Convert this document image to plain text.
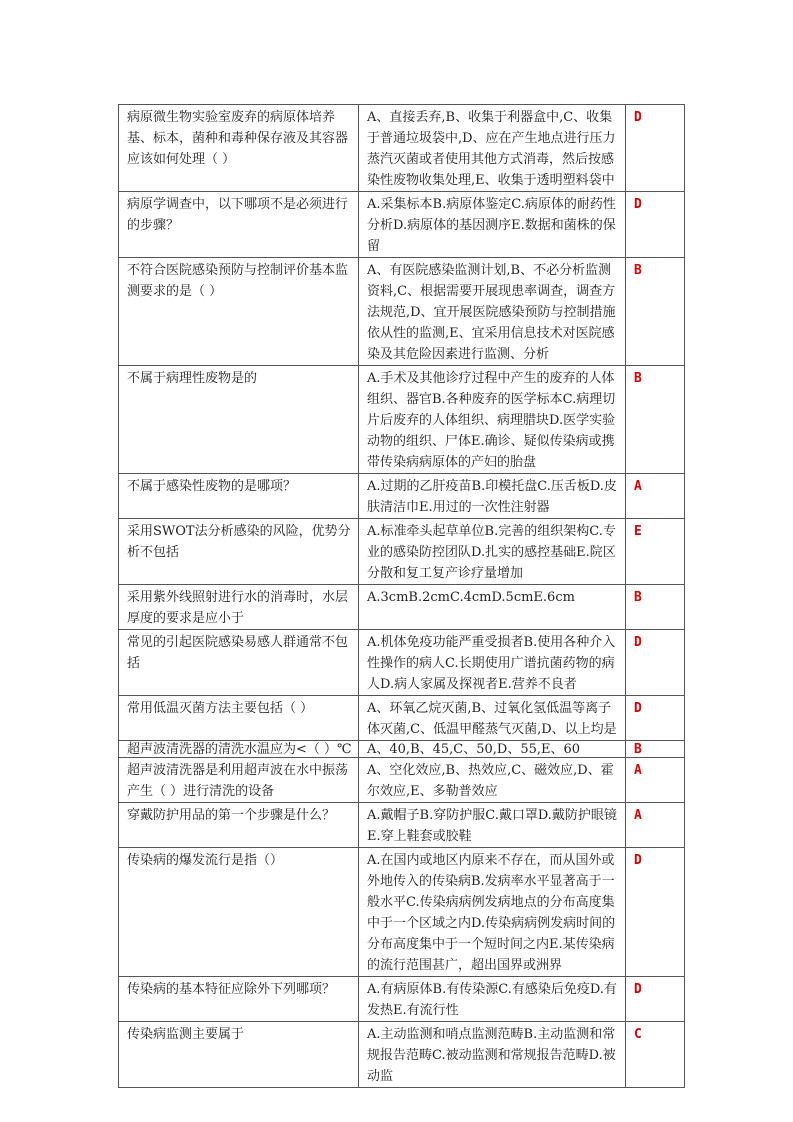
病原微生物实验室废弃的病原体培养基、标本，菌种和毒种保存液及其容器应该如何处理（ ）	A、直接丢弃,B、收集于利器盒中,C、收集于普通垃圾袋中,D、应在产生地点进行压力蒸汽灭菌或者使用其他方式消毒，然后按感染性废物收集处理,E、收集于透明塑料袋中	D
病原学调查中，以下哪项不是必须进行的步骤？	A.采集标本B.病原体鉴定C.病原体的耐药性分析D.病原体的基因测序E.数据和菌株的保留	D
不符合医院感染预防与控制评价基本监测要求的是（ ）	A、有医院感染监测计划,B、不必分析监测资料,C、根据需要开展现患率调查，调查方法规范,D、宜开展医院感染预防与控制措施依从性的监测,E、宜采用信息技术对医院感染及其危险因素进行监测、分析	B
不属于病理性废物是的	A.手术及其他诊疗过程中产生的废弃的人体组织、器官B.各种废弃的医学标本C.病理切片后废弃的人体组织、病理腊块D.医学实验动物的组织、尸体E.确诊、疑似传染病或携带传染病病原体的产妇的胎盘	B
不属于感染性废物的是哪项？	A.过期的乙肝疫苗B.印模托盘C.压舌板D.皮肤清洁巾E.用过的一次性注射器	A
采用SWOT法分析感染的风险，优势分析不包括	A.标准牵头起草单位B.完善的组织架构C.专业的感染防控团队D.扎实的感控基础E.院区分散和复工复产诊疗量增加	E
采用紫外线照射进行水的消毒时，水层厚度的要求是应小于	A.3cmB.2cmC.4cmD.5cmE.6cm	B
常见的引起医院感染易感人群通常不包括	A.机体免疫功能严重受损者B.使用各种介入性操作的病人C.长期使用广谱抗菌药物的病人D.病人家属及探视者E.营养不良者	D
常用低温灭菌方法主要包括（ ）	A、环氧乙烷灭菌,B、过氧化氢低温等离子体灭菌,C、低温甲醛蒸气灭菌,D、以上均是	D
超声波清洗器的清洗水温应为<（ ）℃	A、40,B、45,C、50,D、55,E、60	B
超声波清洗器是利用超声波在水中振荡产生（ ）进行清洗的设备	A、空化效应,B、热效应,C、磁效应,D、霍尔效应,E、多勒普效应	A
穿戴防护用品的第一个步骤是什么？	A.戴帽子B.穿防护服C.戴口罩D.戴防护眼镜E.穿上鞋套或胶鞋	A
传染病的爆发流行是指（）	A.在国内或地区内原来不存在，而从国外或外地传入的传染病B.发病率水平显著高于一般水平C.传染病病例发病地点的分布高度集中于一个区域之内D.传染病病例发病时间的分布高度集中于一个短时间之内E.某传染病的流行范围甚广，超出国界或洲界	D
传染病的基本特征应除外下列哪项？	A.有病原体B.有传染源C.有感染后免疫D.有发热E.有流行性	D
传染病监测主要属于	A.主动监测和哨点监测范畴B.主动监测和常规报告范畴C.被动监测和常规报告范畴D.被动监	C
